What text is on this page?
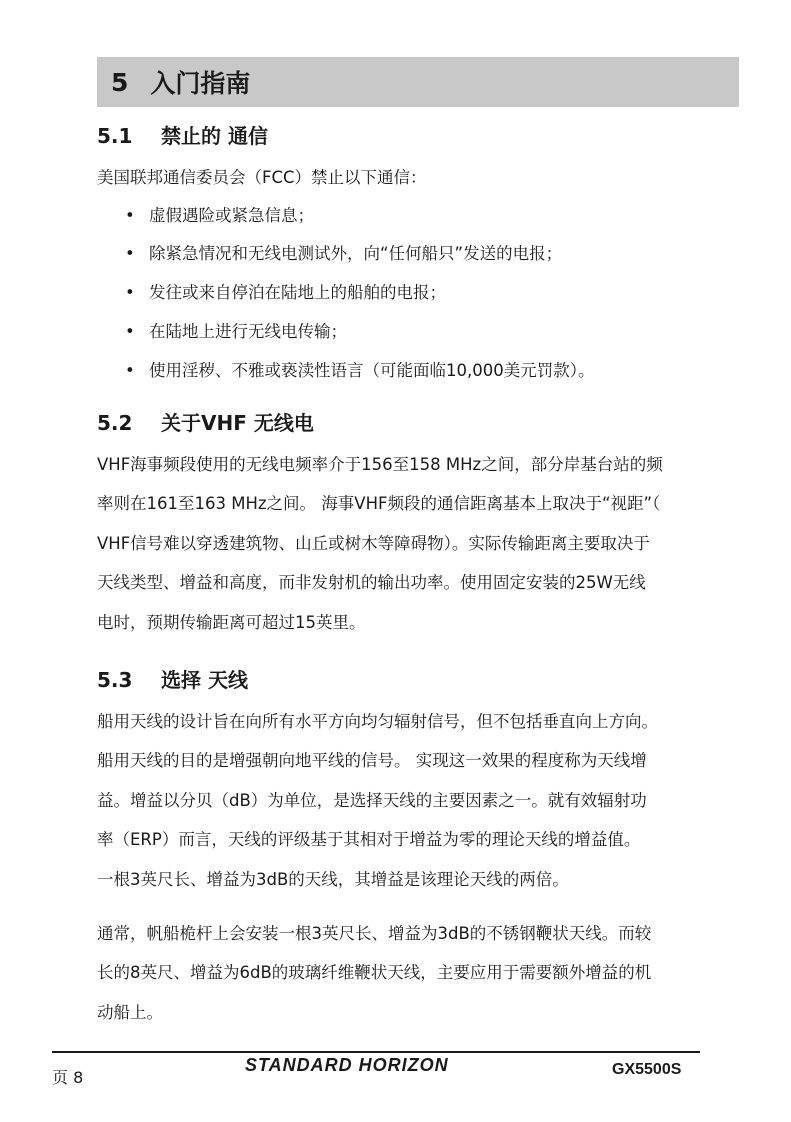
5 入门指南
5.1 禁止的 通信
美国联邦通信委员会（FCC）禁止以下通信：
• 虚假遇险或紧急信息；
• 除紧急情况和无线电测试外，向“任何船只”发送的电报；
• 发往或来自停泊在陆地上的船舶的电报；
• 在陆地上进行无线电传输；
• 使用淫秽、不雅或亵渎性语言（可能面临10,000美元罚款）。
5.2 关于VHF 无线电
VHF海事频段使用的无线电频率介于156至158 MHz之间，部分岸基台站的频
率则在161至163 MHz之间。 海事VHF频段的通信距离基本上取决于“视距”（
VHF信号难以穿透建筑物、山丘或树木等障碍物）。实际传输距离主要取决于
天线类型、增益和高度，而非发射机的输出功率。使用固定安装的25W无线
电时，预期传输距离可超过15英里。
5.3 选择 天线
船用天线的设计旨在向所有水平方向均匀辐射信号，但不包括垂直向上方向。
船用天线的目的是增强朝向地平线的信号。 实现这一效果的程度称为天线增
益。增益以分贝（dB）为单位，是选择天线的主要因素之一。就有效辐射功
率（ERP）而言，天线的评级基于其相对于增益为零的理论天线的增益值。
一根3英尺长、增益为3dB的天线，其增益是该理论天线的两倍。
通常，帆船桅杆上会安装一根3英尺长、增益为3dB的不锈钢鞭状天线。而较
长的8英尺、增益为6dB的玻璃纤维鞭状天线，主要应用于需要额外增益的机
动船上。
页 8
STANDARD HORIZON	GX5500S
